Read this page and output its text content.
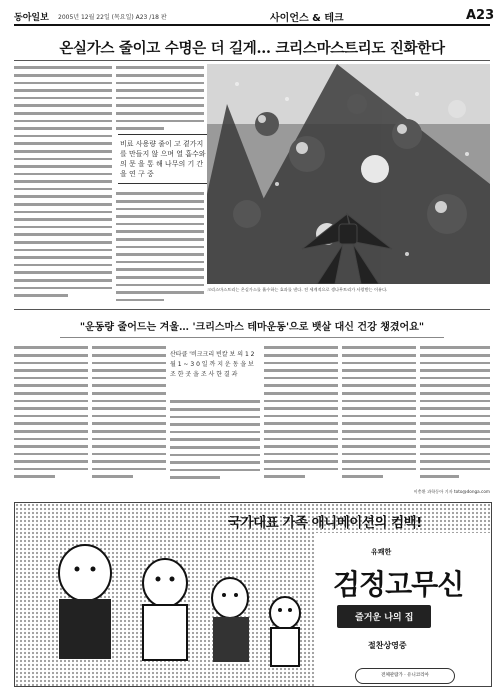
동아일보 2005년 12월 22일 (목요일) A23 /18 판	사이언스 & 테크	A23
온실가스 줄이고 수명은 더 길게… 크리스마스트리도 진화한다
비료 사용량 줄이 고 곁가지를 만들지 않 으며 열 흡수와 의 문 을 통 해 나무의 기 간 을 연 구 중
크리스마스트리는 온실가스를 흡수하는 효과를 낸다. 전 세계적으로 생나무트리가 사랑받는 이유다.
"운동량 줄어드는 겨울… '크리스마스 테마운동'으로 뱃살 대신 건강 챙겼어요"
산타클 '비크크리 빈칼 보 의 1 2 월 1 ~ 3 0 일 까 지 운 동 을 보 조 한 곳 을 조 사 한 결 과
이충환 과학동아 기자 toto@donga.com
국가대표 가족 애니메이션의 컴백!
유쾌한
검정고무신
즐거운 나의 집
절찬상영중
전체관람가 · 유니코리아
